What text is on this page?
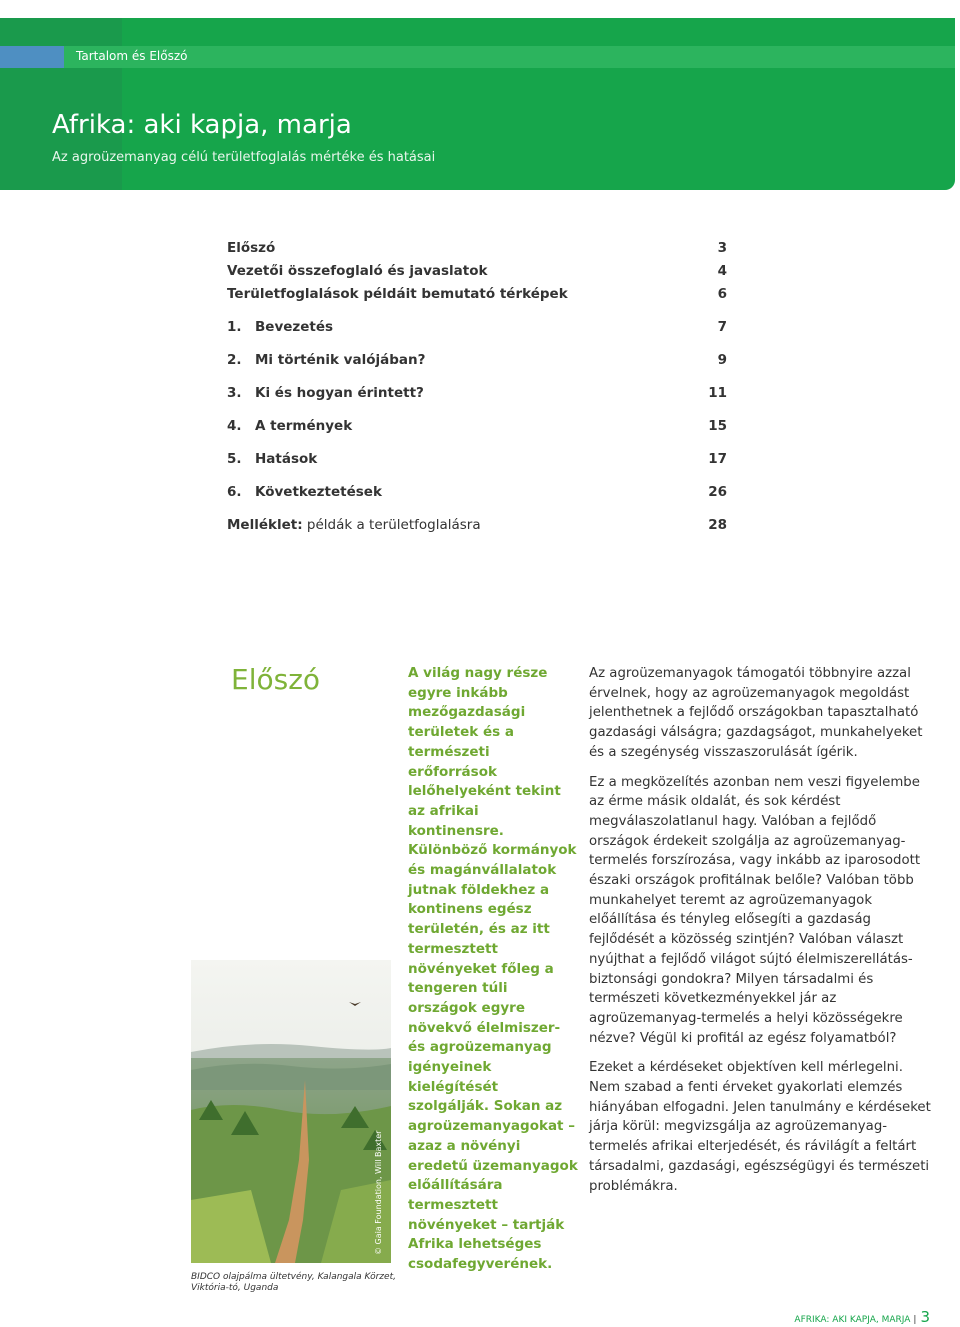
Tartalom és Előszó
Afrika: aki kapja, marja
Az agroüzemanyag célú területfoglalás mértéke és hatásai
Előszó	3
Vezetői összefoglaló és javaslatok	4
Területfoglalások példáit bemutató térképek	6
1. Bevezetés	7
2. Mi történik valójában?	9
3. Ki és hogyan érintett?	11
4. A termények	15
5. Hatások	17
6. Következtetések	26
Melléklet: példák a területfoglalásra	28
Előszó
© Gaia Foundation, Will Baxter
BIDCO olajpálma ültetvény, Kalangala Körzet, Viktória-tó, Uganda
A világ nagy része egyre inkább mezőgazdasági területek és a természeti erőforrások lelőhelyeként tekint az afrikai kontinensre. Különböző kormányok és magánvállalatok jutnak földekhez a kontinens egész területén, és az itt termesztett növényeket főleg a tengeren túli országok egyre növekvő élelmiszer- és agroüzemanyag igényeinek kielégítését szolgálják. Sokan az agroüzemanyagokat – azaz a növényi eredetű üzemanyagok előállítására termesztett növényeket – tartják Afrika lehetséges csodafegyverének.

Az agroüzemanyagok támogatói többnyire azzal érvelnek, hogy az agroüzemanyagok megoldást jelenthetnek a fejlődő országokban tapasztalható gazdasági válságra; gazdagságot, munkahelyeket és a szegénység visszaszorulását ígérik.

Ez a megközelítés azonban nem veszi figyelembe az érme másik oldalát, és sok kérdést megválaszolatlanul hagy. Valóban a fejlődő országok érdekeit szolgálja az agroüzemanyag-termelés forszírozása, vagy inkább az iparosodott északi országok profitálnak belőle? Valóban több munkahelyet teremt az agroüzemanyagok előállítása és tényleg elősegíti a gazdaság fejlődését a közösség szintjén? Valóban választ nyújthat a fejlődő világot sújtó élelmiszerellátás-biztonsági gondokra? Milyen társadalmi és természeti következményekkel jár az agroüzemanyag-termelés a helyi közösségekre nézve? Végül ki profitál az egész folyamatból?

Ezeket a kérdéseket objektíven kell mérlegelni. Nem szabad a fenti érveket gyakorlati elemzés hiányában elfogadni. Jelen tanulmány e kérdéseket járja körül: megvizsgálja az agroüzemanyag-termelés afrikai elterjedését, és rávilágít a feltárt társadalmi, gazdasági, egészségügyi és természeti problémákra.

AFRIKA: AKI KAPJA, MARJA | 3
